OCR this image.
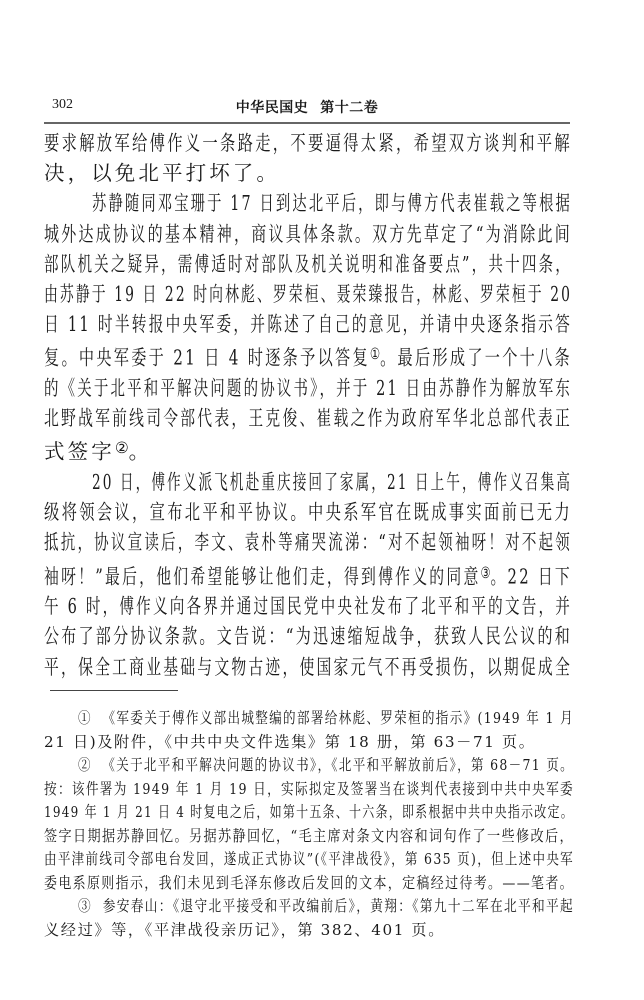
302	中华民国史 第十二卷

要求解放军给傅作义一条路走，不要逼得太紧，希望双方谈判和平解
决，以免北平打坏了。

苏静随同邓宝珊于 17 日到达北平后，即与傅方代表崔载之等根据
城外达成协议的基本精神，商议具体条款。双方先草定了“为消除此间
部队机关之疑异，需傅适时对部队及机关说明和准备要点”，共十四条，
由苏静于 19 日 22 时向林彪、罗荣桓、聂荣臻报告，林彪、罗荣桓于 20
日 11 时半转报中央军委，并陈述了自己的意见，并请中央逐条指示答
复。中央军委于 21 日 4 时逐条予以答复①。最后形成了一个十八条
的《关于北平和平解决问题的协议书》，并于 21 日由苏静作为解放军东
北野战军前线司令部代表，王克俊、崔载之作为政府军华北总部代表正
式签字②。

20 日，傅作义派飞机赴重庆接回了家属，21 日上午，傅作义召集高
级将领会议，宣布北平和平协议。中央系军官在既成事实面前已无力
抵抗，协议宣读后，李文、袁朴等痛哭流涕：“对不起领袖呀！对不起领
袖呀！”最后，他们希望能够让他们走，得到傅作义的同意③。22 日下
午 6 时，傅作义向各界并通过国民党中央社发布了北平和平的文告，并
公布了部分协议条款。文告说：“为迅速缩短战争，获致人民公议的和
平，保全工商业基础与文物古迹，使国家元气不再受损伤，以期促成全

① 《军委关于傅作义部出城整编的部署给林彪、罗荣桓的指示》(1949 年 1 月
21 日)及附件，《中共中央文件选集》第 18 册，第 63－71 页。

② 《关于北平和平解决问题的协议书》，《北平和平解放前后》，第 68－71 页。
按：该件署为 1949 年 1 月 19 日，实际拟定及签署当在谈判代表接到中共中央军委
1949 年 1 月 21 日 4 时复电之后，如第十五条、十六条，即系根据中共中央指示改定。
签字日期据苏静回忆。另据苏静回忆，“毛主席对条文内容和词句作了一些修改后，
由平津前线司令部电台发回，遂成正式协议”(《平津战役》，第 635 页)，但上述中央军
委电系原则指示，我们未见到毛泽东修改后发回的文本，定稿经过待考。——笔者。

③ 参安春山：《退守北平接受和平改编前后》，黄翔：《第九十二军在北平和平起
义经过》等，《平津战役亲历记》，第 382、401 页。
